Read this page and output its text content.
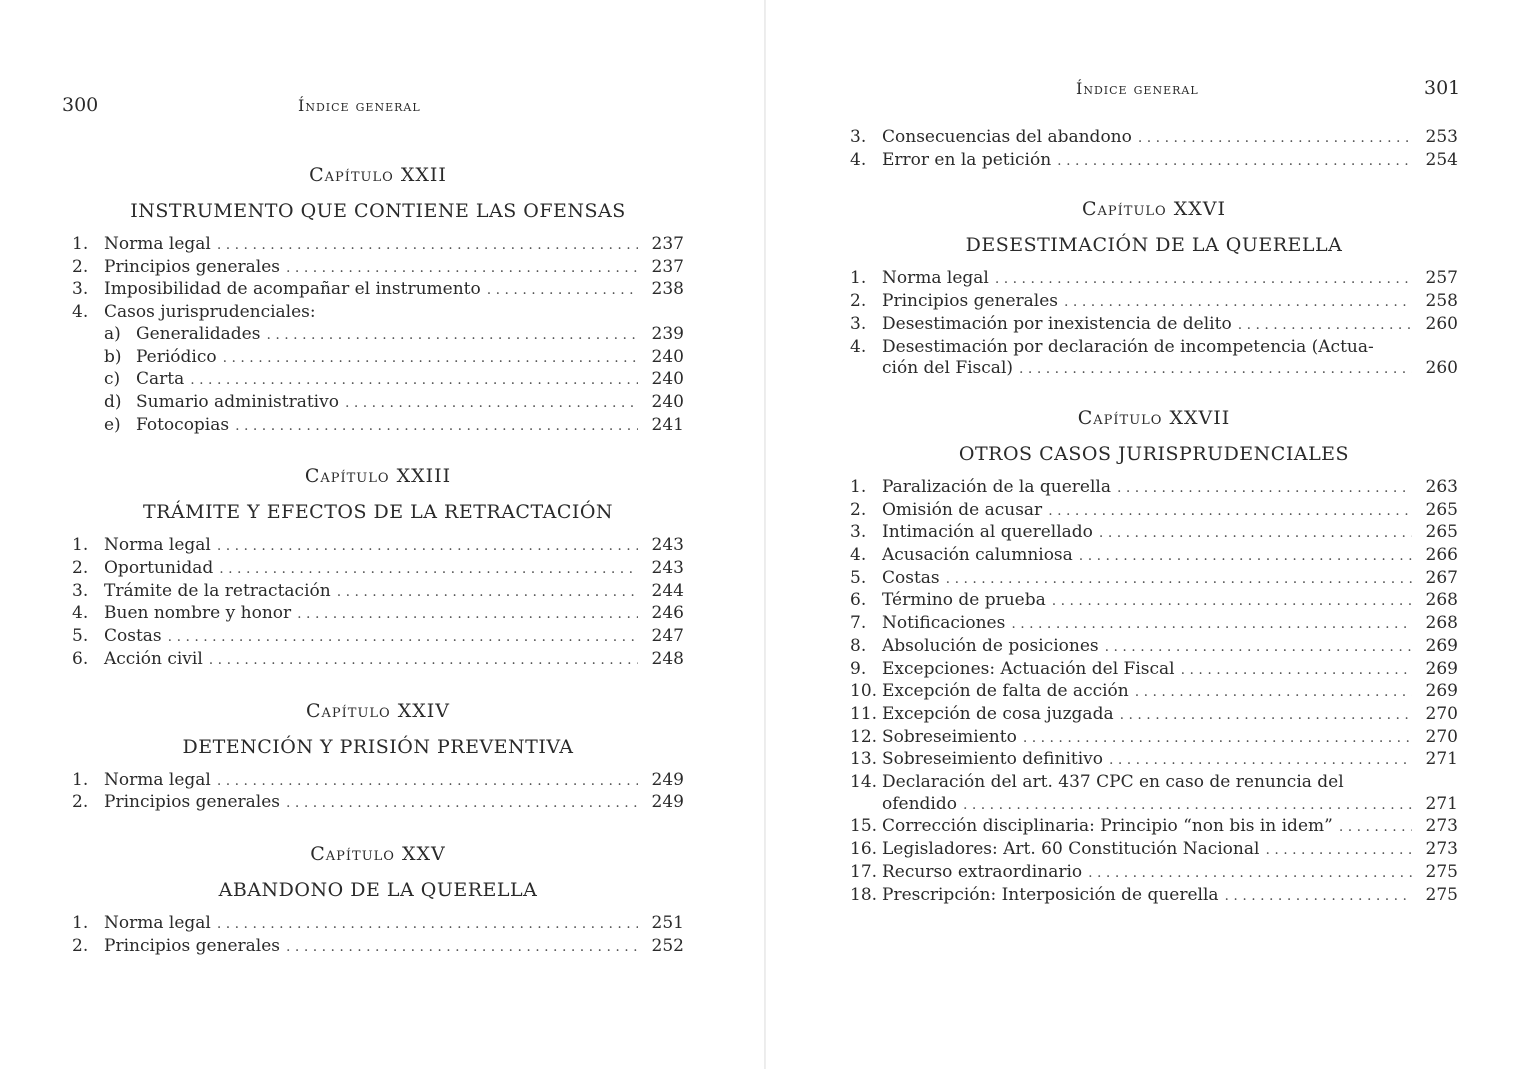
300	Índice general
Capítulo XXII
INSTRUMENTO QUE CONTIENE LAS OFENSAS
1. Norma legal . . .	237
2. Principios generales . . .	237
3. Imposibilidad de acompañar el instrumento . . .	238
4. Casos jurisprudenciales:
a) Generalidades . . .	239
b) Periódico . . .	240
c) Carta . . .	240
d) Sumario administrativo . . .	240
e) Fotocopias . . .	241
Capítulo XXIII
TRÁMITE Y EFECTOS DE LA RETRACTACIÓN
1. Norma legal . . .	243
2. Oportunidad . . .	243
3. Trámite de la retractación . . .	244
4. Buen nombre y honor . . .	246
5. Costas . . .	247
6. Acción civil . . .	248
Capítulo XXIV
DETENCIÓN Y PRISIÓN PREVENTIVA
1. Norma legal . . .	249
2. Principios generales . . .	249
Capítulo XXV
ABANDONO DE LA QUERELLA
1. Norma legal . . .	251
2. Principios generales . . .	252
Índice general	301
3. Consecuencias del abandono . . .	253
4. Error en la petición . . .	254
Capítulo XXVI
DESESTIMACIÓN DE LA QUERELLA
1. Norma legal . . .	257
2. Principios generales . . .	258
3. Desestimación por inexistencia de delito . . .	260
4. Desestimación por declaración de incompetencia (Actua-
ción del Fiscal) . . .	260
Capítulo XXVII
OTROS CASOS JURISPRUDENCIALES
1. Paralización de la querella . . .	263
2. Omisión de acusar . . .	265
3. Intimación al querellado . . .	265
4. Acusación calumniosa . . .	266
5. Costas . . .	267
6. Término de prueba . . .	268
7. Notificaciones . . .	268
8. Absolución de posiciones . . .	269
9. Excepciones: Actuación del Fiscal . . .	269
10. Excepción de falta de acción . . .	269
11. Excepción de cosa juzgada . . .	270
12. Sobreseimiento . . .	270
13. Sobreseimiento definitivo . . .	271
14. Declaración del art. 437 CPC en caso de renuncia del
ofendido . . .	271
15. Corrección disciplinaria: Principio “non bis in idem” . . .	273
16. Legisladores: Art. 60 Constitución Nacional . . .	273
17. Recurso extraordinario . . .	275
18. Prescripción: Interposición de querella . . .	275
